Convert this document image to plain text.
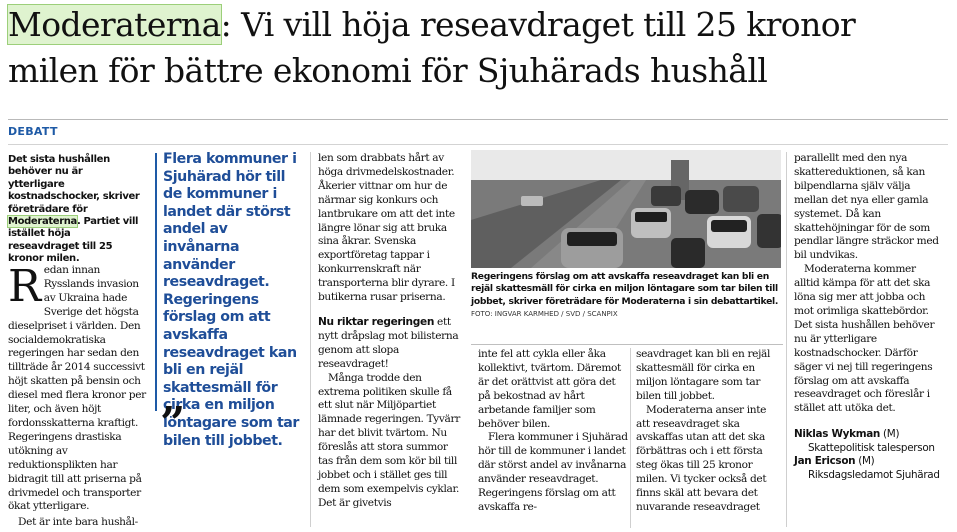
Moderaterna: Vi vill höja reseavdraget till 25 kronor
milen för bättre ekonomi för Sjuhärads hushåll
DEBATT
Det sista hushållen behöver nu är ytterligare kostnadschocker, skriver företrädare för Moderaterna. Partiet vill istället höja reseavdraget till 25 kronor milen.

Redan innan Rysslands invasion av Ukraina hade Sverige det högsta dieselpriset i världen. Den socialdemokratiska regeringen har sedan den tillträde år 2014 successivt höjt skatten på bensin och diesel med flera kronor per liter, och även höjt fordonsskatterna kraftigt. Regeringens drastiska utökning av reduktionsplikten har bidragit till att priserna på drivmedel och transporter ökat ytterligare.

Det är inte bara hushål-

Flera kommuner i Sjuhärad hör till de kommuner i landet där störst andel av invånarna använder reseavdraget. Regeringens förslag om att avskaffa reseavdraget kan bli en rejäl skattesmäll för cirka en miljon löntagare som tar bilen till jobbet.
”

len som drabbats hårt av höga drivmedelskostnader. Åkerier vittnar om hur de närmar sig konkurs och lantbrukare om att det inte längre lönar sig att bruka sina åkrar. Svenska exportföretag tappar i konkurrenskraft när transporterna blir dyrare. I butikerna rusar priserna.

Nu riktar regeringen ett nytt dråpslag mot bilisterna genom att slopa reseavdraget!

Många trodde den extrema politiken skulle få ett slut när Miljöpartiet lämnade regeringen. Tyvärr har det blivit tvärtom. Nu föreslås att stora summor tas från dem som kör bil till jobbet och i stället ges till dem som exempelvis cyklar. Det är givetvis

Regeringens förslag om att avskaffa reseavdraget kan bli en rejäl skattesmäll för cirka en miljon löntagare som tar bilen till jobbet, skriver företrädare för Moderaterna i sin debattartikel. FOTO: INGVAR KARMHED / SVD / SCANPIX

inte fel att cykla eller åka kollektivt, tvärtom. Däremot är det orättvist att göra det på bekostnad av hårt arbetande familjer som behöver bilen.

Flera kommuner i Sjuhärad hör till de kommuner i landet där störst andel av invånarna använder reseavdraget. Regeringens förslag om att avskaffa re-

seavdraget kan bli en rejäl skattesmäll för cirka en miljon löntagare som tar bilen till jobbet.

Moderaterna anser inte att reseavdraget ska avskaffas utan att det ska förbättras och i ett första steg ökas till 25 kronor milen. Vi tycker också det finns skäl att bevara det nuvarande reseavdraget

parallellt med den nya skattereduktionen, så kan bilpendlarna själv välja mellan det nya eller gamla systemet. Då kan skattehöjningar för de som pendlar längre sträckor med bil undvikas.

Moderaterna kommer alltid kämpa för att det ska löna sig mer att jobba och mot orimliga skattebördor. Det sista hushållen behöver nu är ytterligare kostnadschocker. Därför säger vi nej till regeringens förslag om att avskaffa reseavdraget och föreslår i stället att utöka det.

Niklas Wykman (M)
Skattepolitisk talesperson
Jan Ericson (M)
Riksdagsledamot Sjuhärad
